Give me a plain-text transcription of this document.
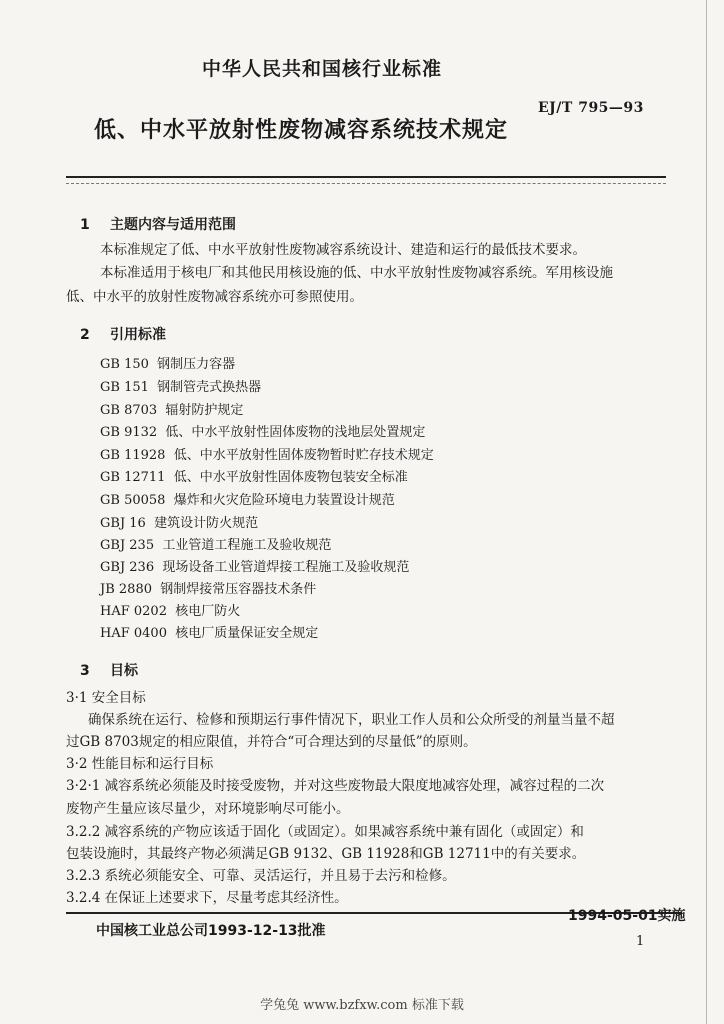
中华人民共和国核行业标准
EJ/T 795—93
低、中水平放射性废物减容系统技术规定
1 主题内容与适用范围
本标准规定了低、中水平放射性废物减容系统设计、建造和运行的最低技术要求。
本标准适用于核电厂和其他民用核设施的低、中水平放射性废物减容系统。军用核设施
低、中水平的放射性废物减容系统亦可参照使用。
2 引用标准
GB 150 钢制压力容器
GB 151 钢制管壳式换热器
GB 8703 辐射防护规定
GB 9132 低、中水平放射性固体废物的浅地层处置规定
GB 11928 低、中水平放射性固体废物暂时贮存技术规定
GB 12711 低、中水平放射性固体废物包装安全标准
GB 50058 爆炸和火灾危险环境电力装置设计规范
GBJ 16 建筑设计防火规范
GBJ 235 工业管道工程施工及验收规范
GBJ 236 现场设备工业管道焊接工程施工及验收规范
JB 2880 钢制焊接常压容器技术条件
HAF 0202 核电厂防火
HAF 0400 核电厂质量保证安全规定
3 目标
3·1 安全目标
确保系统在运行、检修和预期运行事件情况下，职业工作人员和公众所受的剂量当量不超
过GB 8703规定的相应限值，并符合“可合理达到的尽量低”的原则。
3·2 性能目标和运行目标
3·2·1 减容系统必须能及时接受废物，并对这些废物最大限度地减容处理，减容过程的二次
废物产生量应该尽量少，对环境影响尽可能小。
3.2.2 减容系统的产物应该适于固化（或固定）。如果减容系统中兼有固化（或固定）和
包装设施时，其最终产物必须满足GB 9132、GB 11928和GB 12711中的有关要求。
3.2.3 系统必须能安全、可靠、灵活运行，并且易于去污和检修。
3.2.4 在保证上述要求下，尽量考虑其经济性。
1994-05-01实施
中国核工业总公司1993-12-13批准
1
学兔兔 www.bzfxw.com 标准下载
